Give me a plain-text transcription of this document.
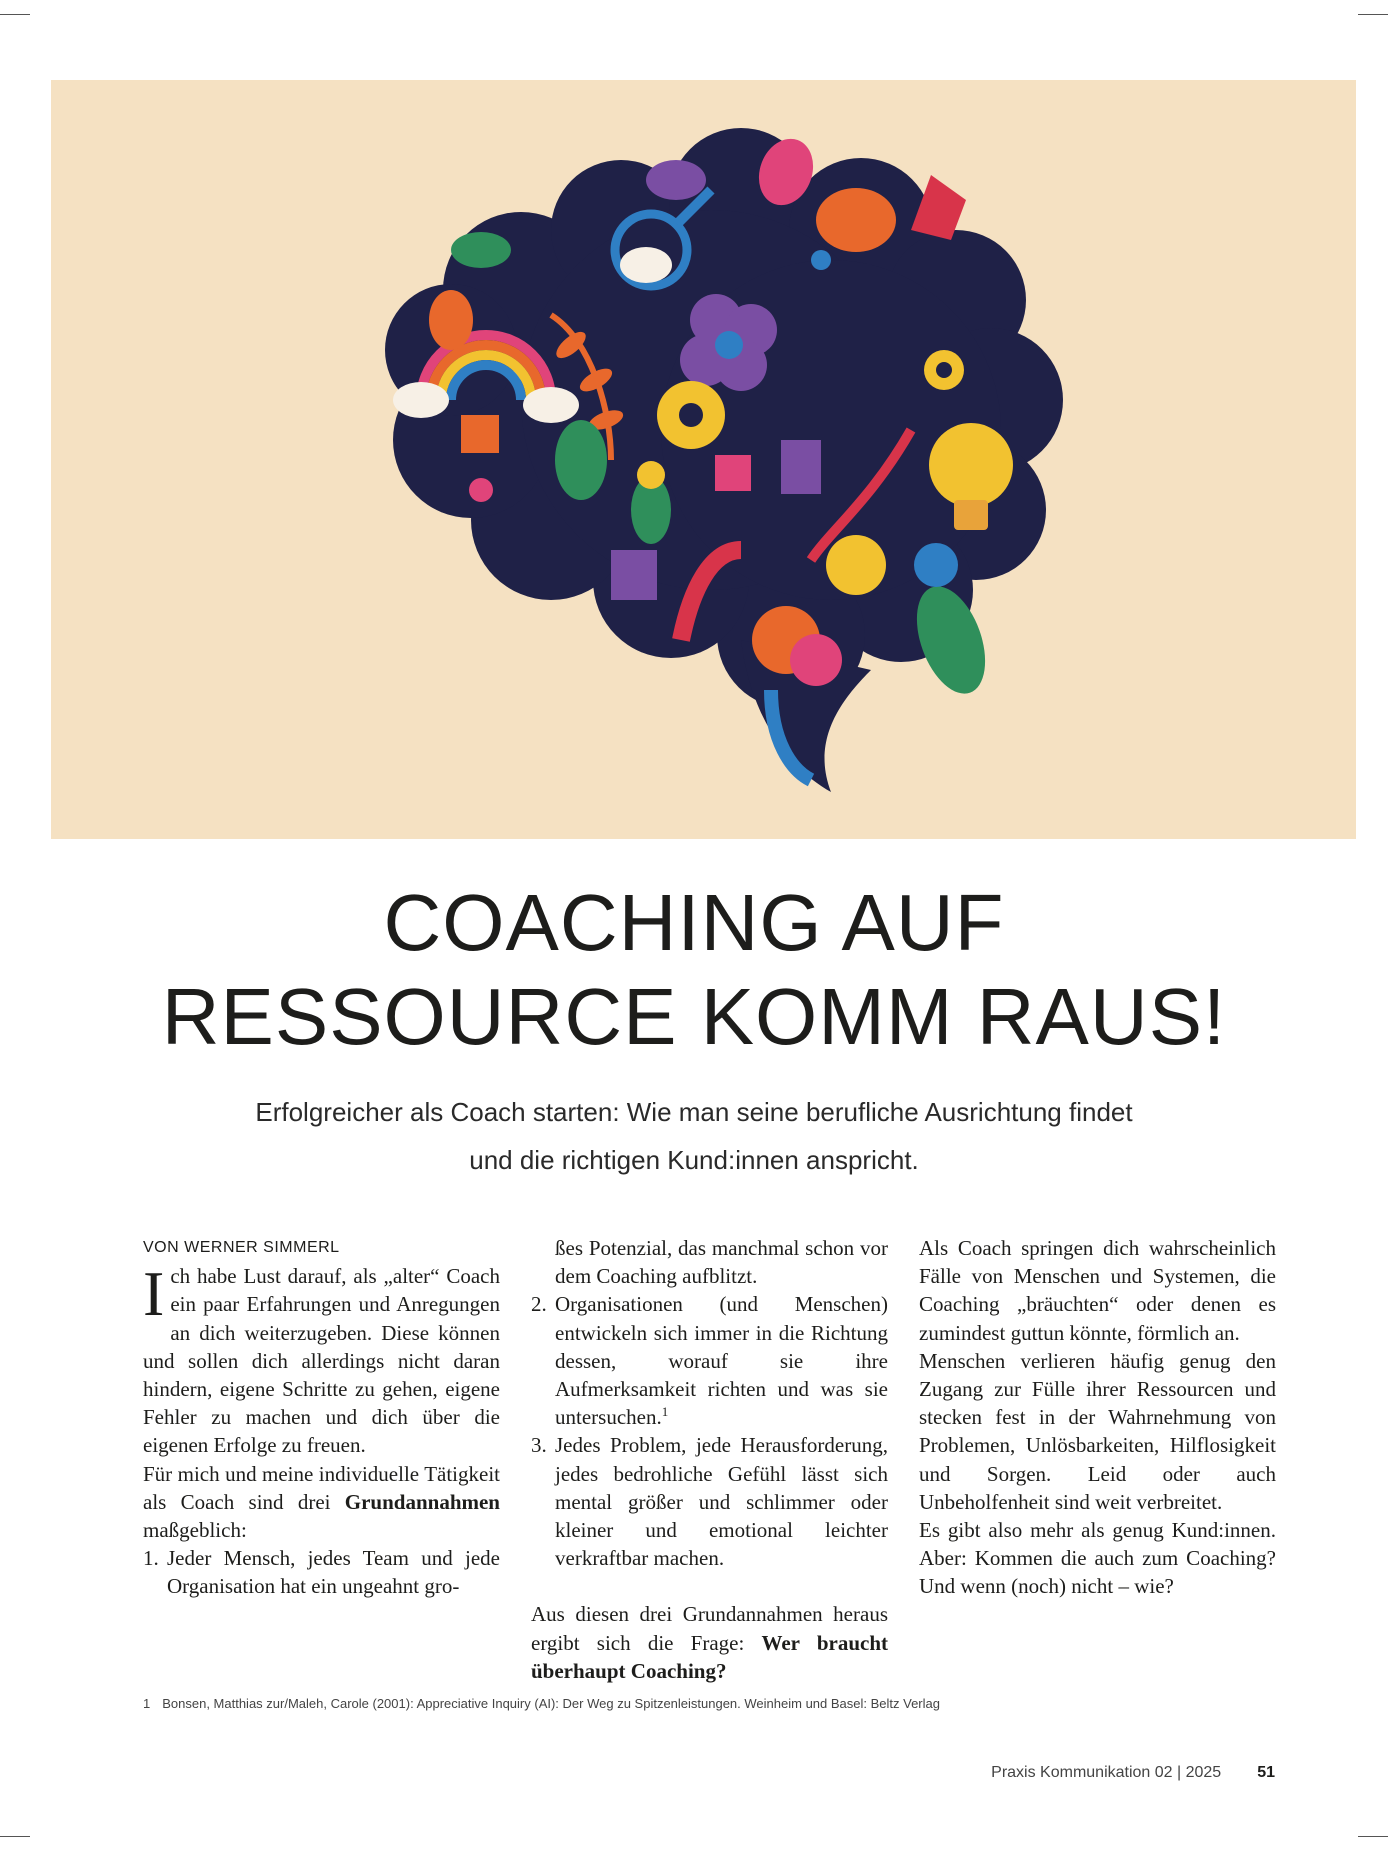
COACHING AUF
RESSOURCE KOMM RAUS!
Erfolgreicher als Coach starten: Wie man seine berufliche Ausrichtung findet
und die richtigen Kund:innen anspricht.

VON WERNER SIMMERL

Ich habe Lust darauf, als „alter“ Coach ein paar Erfahrungen und Anregungen an dich weiterzugeben. Diese können und sollen dich allerdings nicht daran hindern, eigene Schritte zu gehen, eigene Fehler zu machen und dich über die eigenen Erfolge zu freuen.

Für mich und meine individuelle Tätigkeit als Coach sind drei Grundannahmen maßgeblich:

1. Jeder Mensch, jedes Team und jede Organisation hat ein ungeahnt gro-

ßes Potenzial, das manchmal schon vor dem Coaching aufblitzt.

2. Organisationen (und Menschen) entwickeln sich immer in die Richtung dessen, worauf sie ihre Aufmerksamkeit richten und was sie untersuchen.$^1$
3. Jedes Problem, jede Herausforderung, jedes bedrohliche Gefühl lässt sich mental größer und schlimmer oder kleiner und emotional leichter verkraftbar machen.

Aus diesen drei Grundannahmen heraus ergibt sich die Frage: Wer braucht überhaupt Coaching?

Als Coach springen dich wahrscheinlich Fälle von Menschen und Systemen, die Coaching „bräuchten“ oder denen es zumindest guttun könnte, förmlich an.

Menschen verlieren häufig genug den Zugang zur Fülle ihrer Ressourcen und stecken fest in der Wahrnehmung von Problemen, Unlösbarkeiten, Hilflosigkeit und Sorgen. Leid oder auch Unbeholfenheit sind weit verbreitet.

Es gibt also mehr als genug Kund:innen. Aber: Kommen die auch zum Coaching? Und wenn (noch) nicht – wie?

1 Bonsen, Matthias zur/Maleh, Carole (2001): Appreciative Inquiry (AI): Der Weg zu Spitzenleistungen. Weinheim und Basel: Beltz Verlag
Praxis Kommunikation 02 | 2025 51
